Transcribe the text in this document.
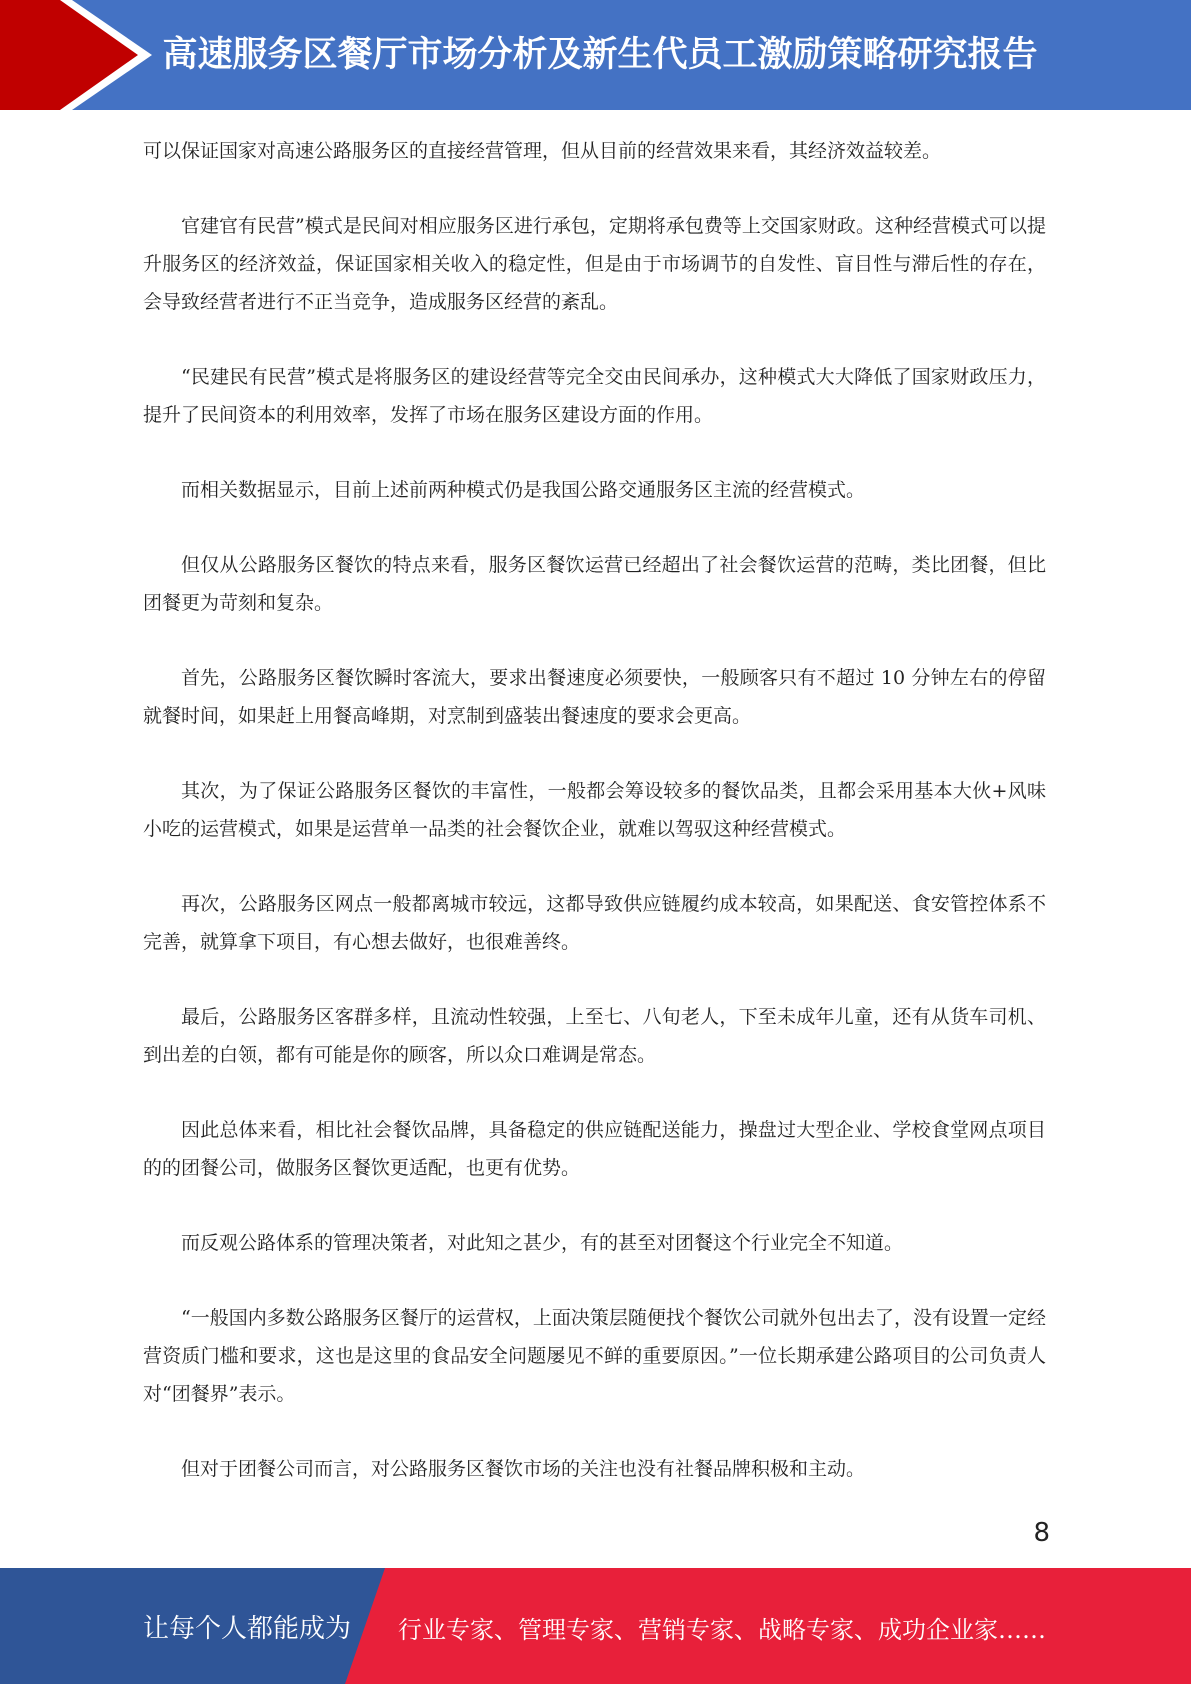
高速服务区餐厅市场分析及新生代员工激励策略研究报告

可以保证国家对高速公路服务区的直接经营管理，但从目前的经营效果来看，其经济效益较差。

官建官有民营”模式是民间对相应服务区进行承包，定期将承包费等上交国家财政。这种经营模式可以提升服务区的经济效益，保证国家相关收入的稳定性，但是由于市场调节的自发性、盲目性与滞后性的存在，会导致经营者进行不正当竞争，造成服务区经营的紊乱。

“民建民有民营”模式是将服务区的建设经营等完全交由民间承办，这种模式大大降低了国家财政压力，提升了民间资本的利用效率，发挥了市场在服务区建设方面的作用。

而相关数据显示，目前上述前两种模式仍是我国公路交通服务区主流的经营模式。

但仅从公路服务区餐饮的特点来看，服务区餐饮运营已经超出了社会餐饮运营的范畴，类比团餐，但比团餐更为苛刻和复杂。

首先，公路服务区餐饮瞬时客流大，要求出餐速度必须要快，一般顾客只有不超过 10 分钟左右的停留就餐时间，如果赶上用餐高峰期，对烹制到盛装出餐速度的要求会更高。

其次，为了保证公路服务区餐饮的丰富性，一般都会筹设较多的餐饮品类，且都会采用基本大伙+风味小吃的运营模式，如果是运营单一品类的社会餐饮企业，就难以驾驭这种经营模式。

再次，公路服务区网点一般都离城市较远，这都导致供应链履约成本较高，如果配送、食安管控体系不完善，就算拿下项目，有心想去做好，也很难善终。

最后，公路服务区客群多样，且流动性较强，上至七、八旬老人，下至未成年儿童，还有从货车司机、到出差的白领，都有可能是你的顾客，所以众口难调是常态。

因此总体来看，相比社会餐饮品牌，具备稳定的供应链配送能力，操盘过大型企业、学校食堂网点项目的的团餐公司，做服务区餐饮更适配，也更有优势。

而反观公路体系的管理决策者，对此知之甚少，有的甚至对团餐这个行业完全不知道。

“一般国内多数公路服务区餐厅的运营权，上面决策层随便找个餐饮公司就外包出去了，没有设置一定经营资质门槛和要求，这也是这里的食品安全问题屡见不鲜的重要原因。”一位长期承建公路项目的公司负责人对“团餐界”表示。

但对于团餐公司而言，对公路服务区餐饮市场的关注也没有社餐品牌积极和主动。

8
让每个人都能成为 行业专家、管理专家、营销专家、战略专家、成功企业家……
